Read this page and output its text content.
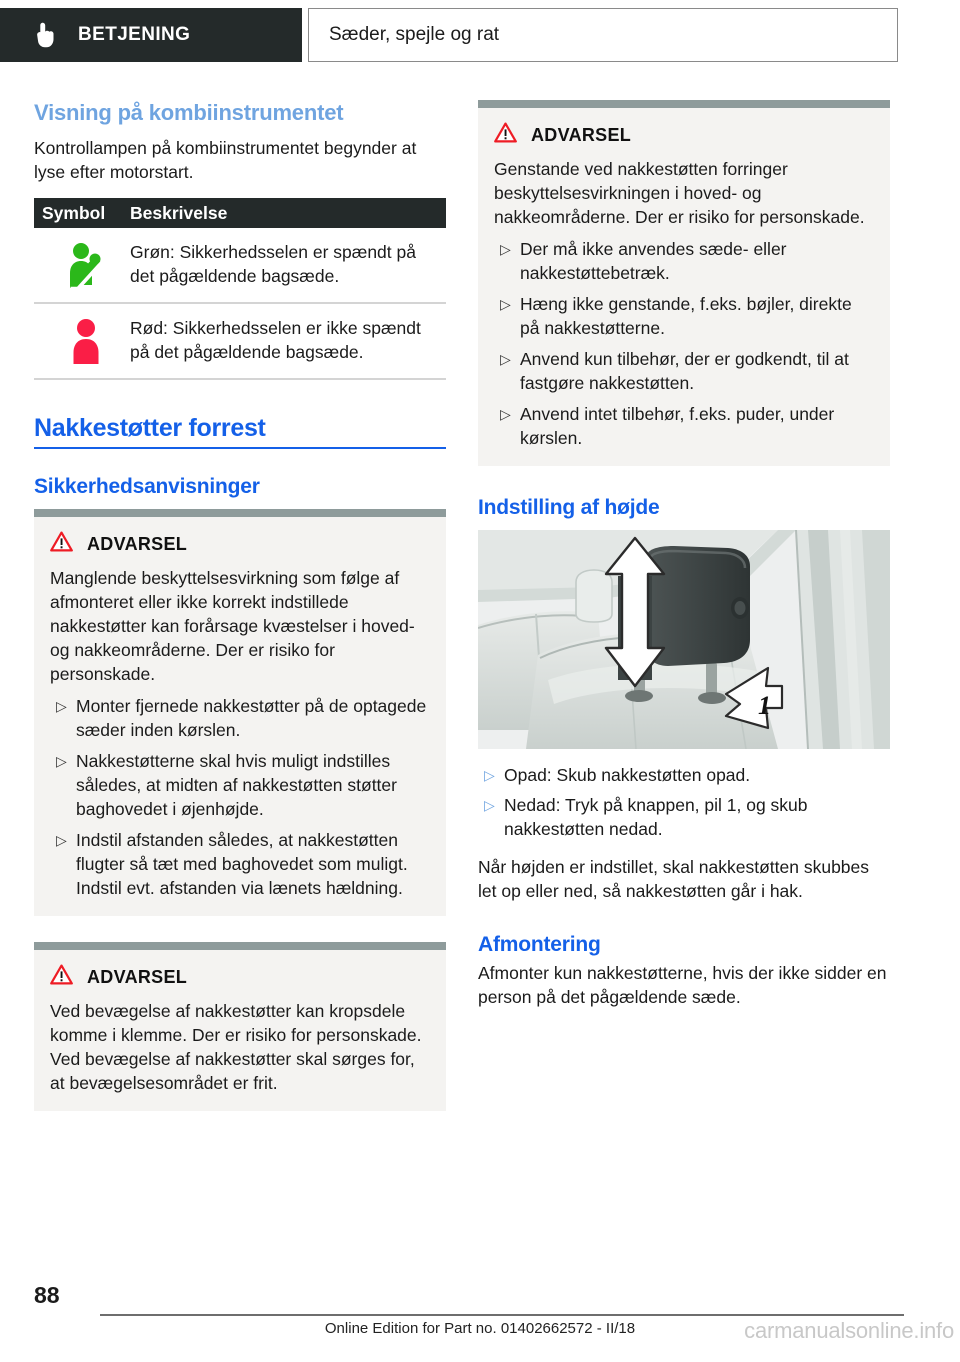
BETJENING	Sæder, spejle og rat
Visning på kombiinstrumentet

Kontrollampen på kombiinstrumentet begynder at lyse efter motorstart.

Symbol	Beskrivelse
Grøn: Sikkerhedsselen er spændt på det pågældende bagsæde.
Rød: Sikkerhedsselen er ikke spændt på det pågældende bagsæde.
Nakkestøtter forrest
Sikkerhedsanvisninger
ADVARSEL

Manglende beskyttelsesvirkning som følge af afmonteret eller ikke korrekt indstillede nakkestøtter kan forårsage kvæstelser i hoved- og nakkeområderne. Der er risiko for personskade.

▷ Monter fjernede nakkestøtter på de optagede sæder inden kørslen.
▷ Nakkestøtterne skal hvis muligt indstilles således, at midten af nakkestøtten støtter baghovedet i øjenhøjde.
▷ Indstil afstanden således, at nakkestøtten flugter så tæt med baghovedet som muligt. Indstil evt. afstanden via lænets hældning.
ADVARSEL

Ved bevægelse af nakkestøtter kan kropsdele komme i klemme. Der er risiko for personskade. Ved bevægelse af nakkestøtter skal sørges for, at bevægelsesområdet er frit.

ADVARSEL

Genstande ved nakkestøtten forringer beskyttelsesvirkningen i hoved- og nakkeområderne. Der er risiko for personskade.

▷ Der må ikke anvendes sæde- eller nakkestøttebetræk.
▷ Hæng ikke genstande, f.eks. bøjler, direkte på nakkestøtterne.
▷ Anvend kun tilbehør, der er godkendt, til at fastgøre nakkestøtten.
▷ Anvend intet tilbehør, f.eks. puder, under kørslen.
Indstilling af højde
1
▷ Opad: Skub nakkestøtten opad.
▷ Nedad: Tryk på knappen, pil 1, og skub nakkestøtten nedad.

Når højden er indstillet, skal nakkestøtten skubbes let op eller ned, så nakkestøtten går i hak.

Afmontering

Afmonter kun nakkestøtterne, hvis der ikke sidder en person på det pågældende sæde.

88
Online Edition for Part no. 01402662572 - II/18	carmanualsonline.info
